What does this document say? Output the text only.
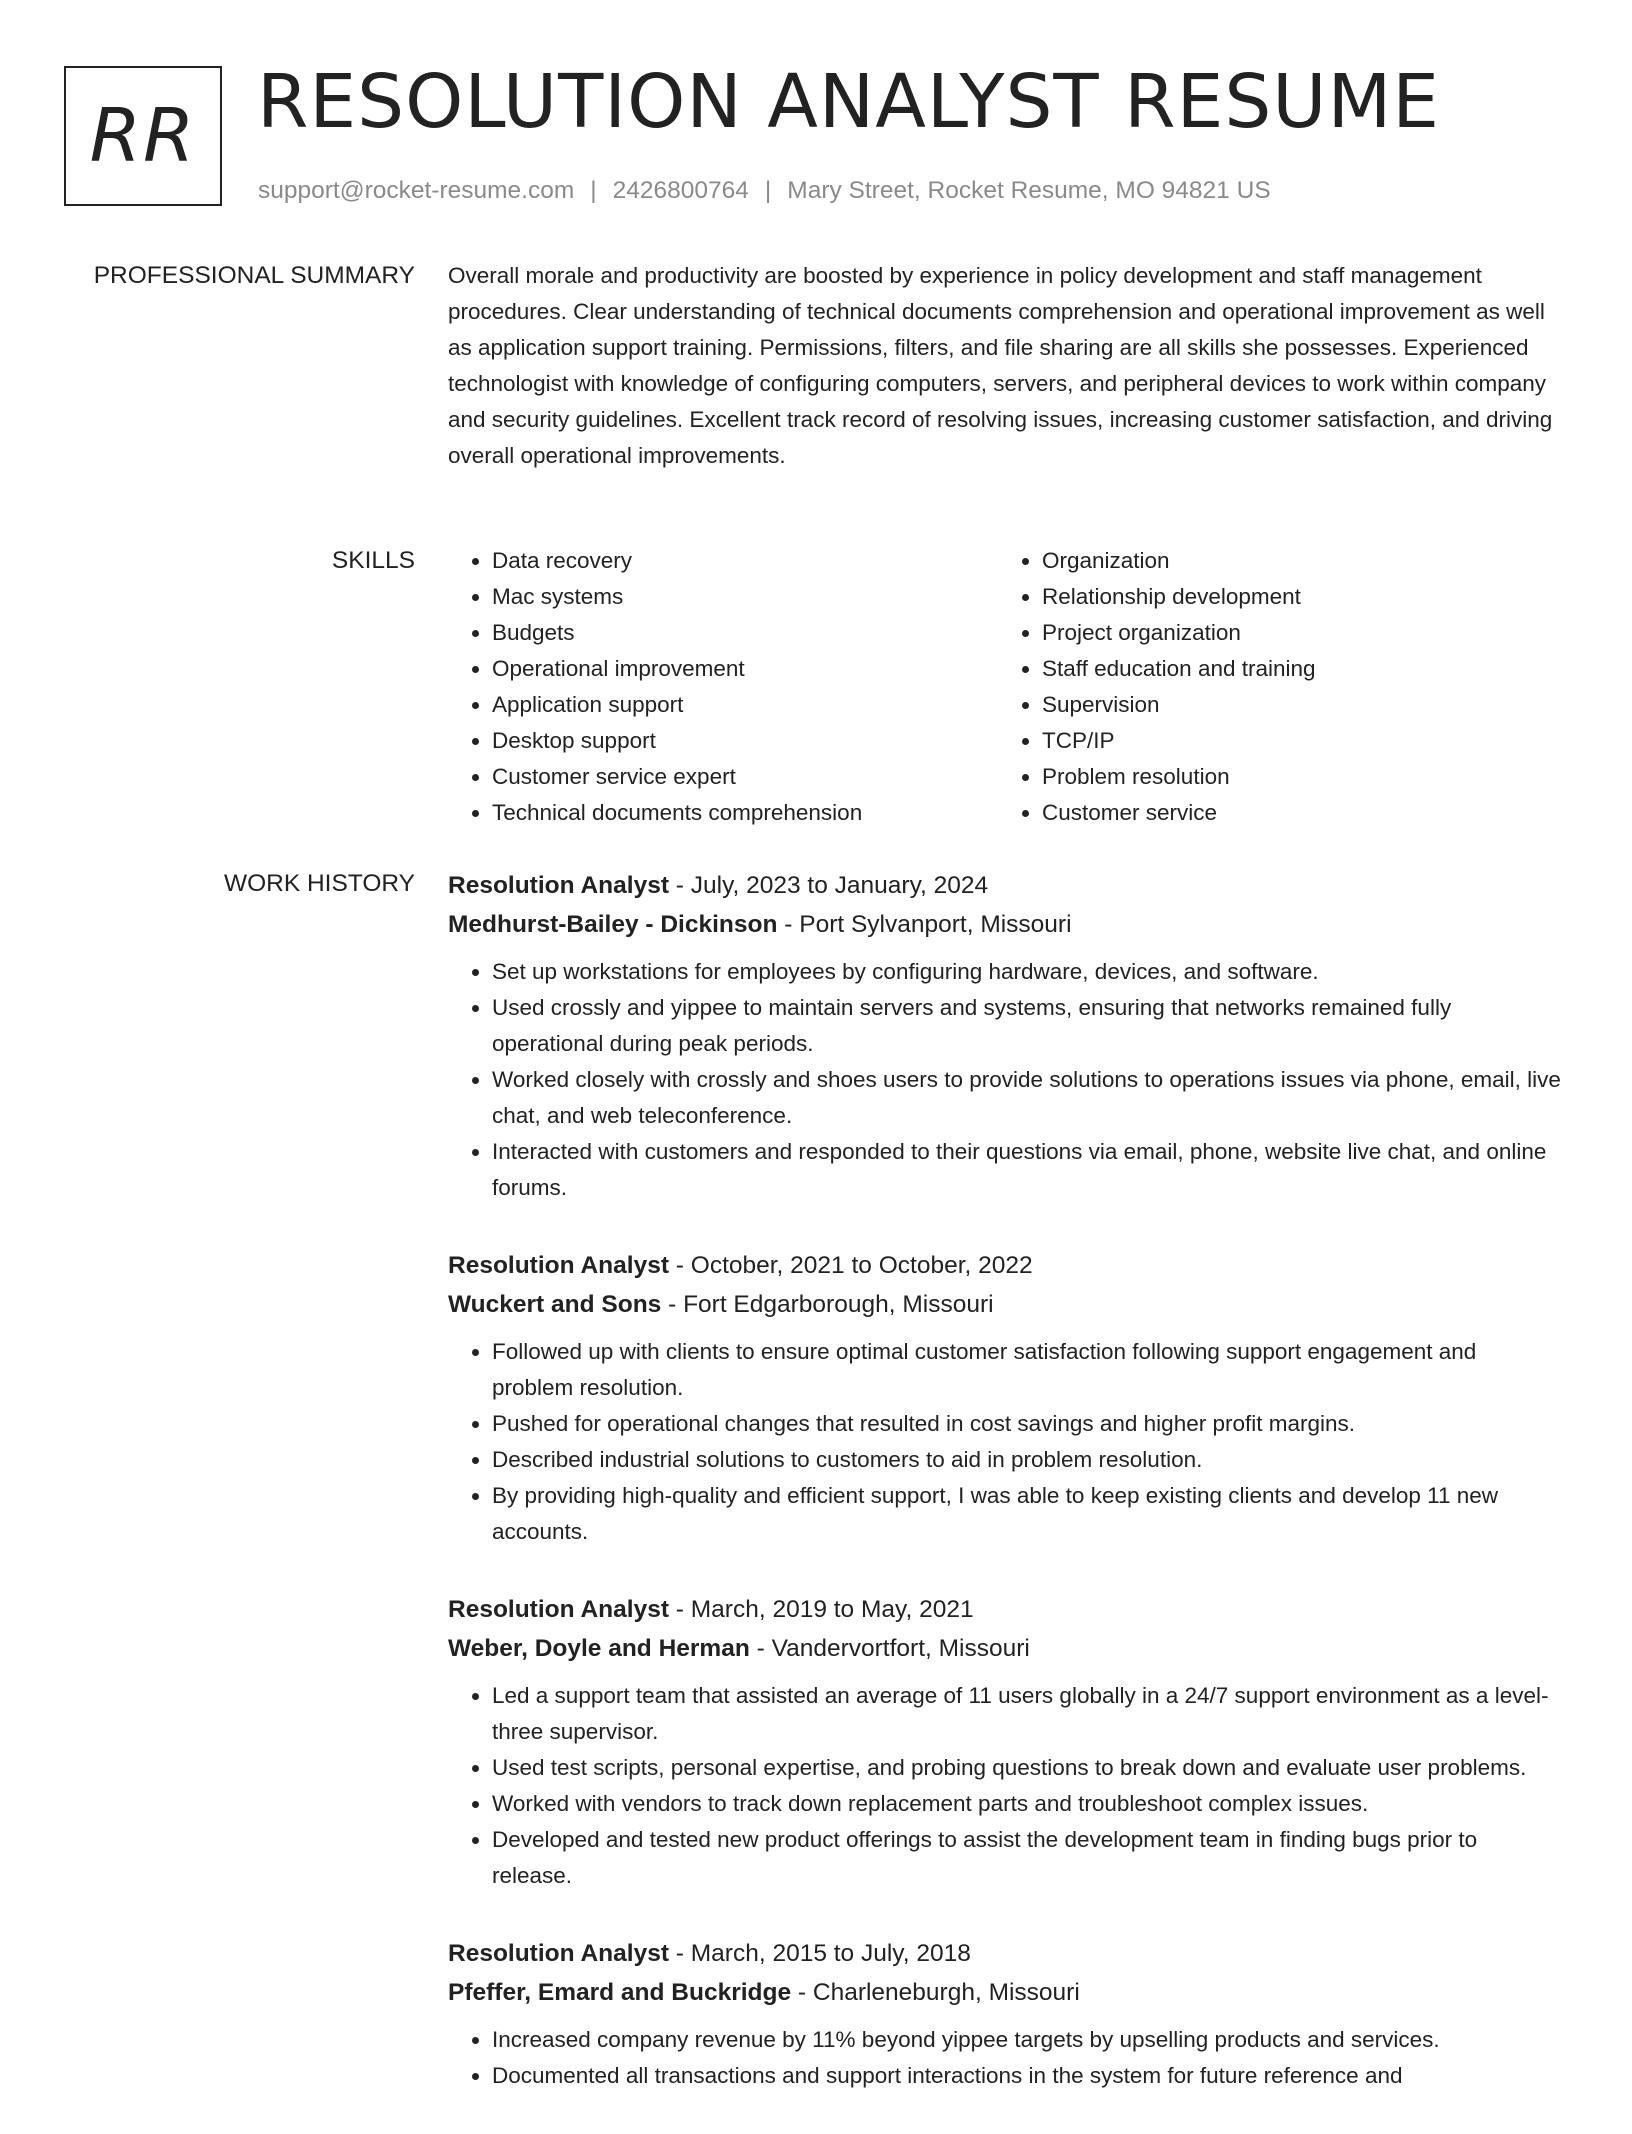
RR RESOLUTION ANALYST RESUME
support@rocket-resume.com | 2426800764 | Mary Street, Rocket Resume, MO 94821 US
PROFESSIONAL SUMMARY Overall morale and productivity are boosted by experience in policy development and staff management procedures. Clear understanding of technical documents comprehension and operational improvement as well as application support training. Permissions, filters, and file sharing are all skills she possesses. Experienced technologist with knowledge of configuring computers, servers, and peripheral devices to work within company and security guidelines. Excellent track record of resolving issues, increasing customer satisfaction, and driving overall operational improvements.

SKILLS
•	Data recovery
• Mac systems
• Budgets
• Operational improvement
• Application support
• Desktop support
• Customer service expert
• Technical documents comprehension
• Organization
• Relationship development
• Project organization
• Staff education and training
• Supervision
• TCP/IP
• Problem resolution
• Customer service
WORK HISTORY Resolution Analyst - July, 2023 to January, 2024
Medhurst-Bailey - Dickinson - Port Sylvanport, Missouri
• Set up workstations for employees by configuring hardware, devices, and software.
• Used crossly and yippee to maintain servers and systems, ensuring that networks remained fully operational during peak periods.
• Worked closely with crossly and shoes users to provide solutions to operations issues via phone, email, live chat, and web teleconference.
• Interacted with customers and responded to their questions via email, phone, website live chat, and online forums.
Resolution Analyst - October, 2021 to October, 2022
Wuckert and Sons - Fort Edgarborough, Missouri
• Followed up with clients to ensure optimal customer satisfaction following support engagement and problem resolution.
• Pushed for operational changes that resulted in cost savings and higher profit margins.
• Described industrial solutions to customers to aid in problem resolution.
• By providing high-quality and efficient support, I was able to keep existing clients and develop 11 new accounts.
Resolution Analyst - March, 2019 to May, 2021
Weber, Doyle and Herman - Vandervortfort, Missouri
• Led a support team that assisted an average of 11 users globally in a 24/7 support environment as a level-three supervisor.
• Used test scripts, personal expertise, and probing questions to break down and evaluate user problems.
• Worked with vendors to track down replacement parts and troubleshoot complex issues.
• Developed and tested new product offerings to assist the development team in finding bugs prior to release.
Resolution Analyst - March, 2015 to July, 2018
Pfeffer, Emard and Buckridge - Charleneburgh, Missouri
• Increased company revenue by 11% beyond yippee targets by upselling products and services.
• Documented all transactions and support interactions in the system for future reference and
